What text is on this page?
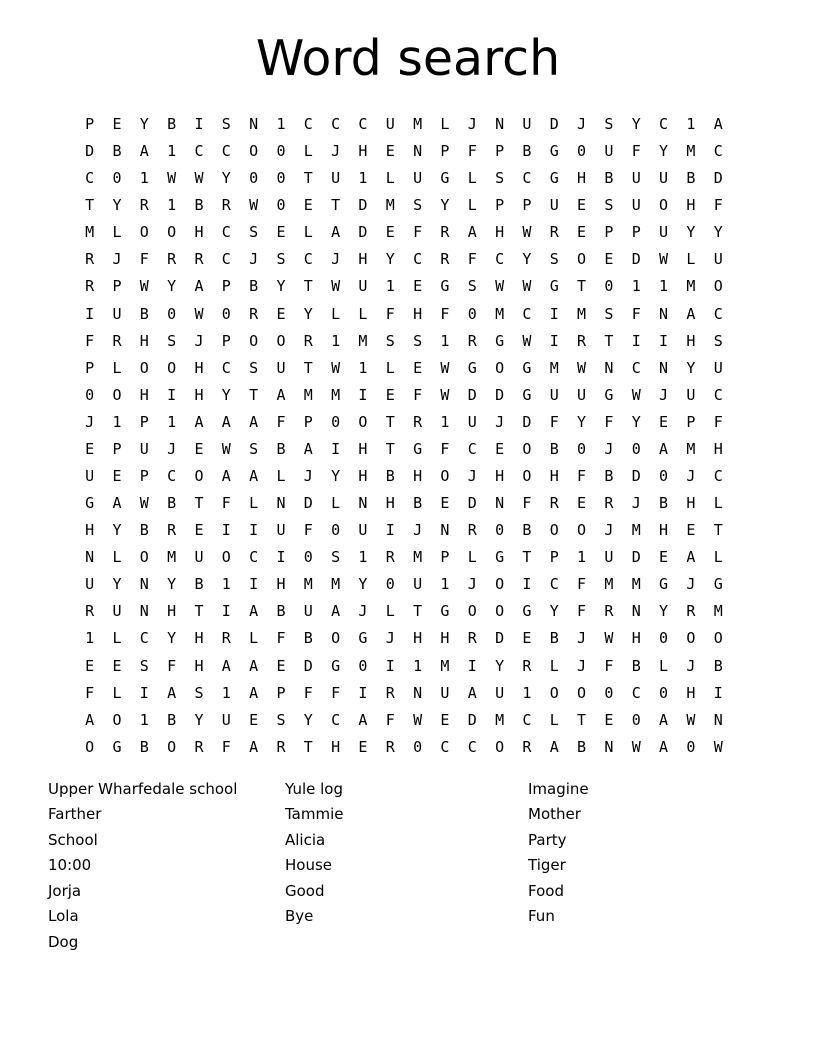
Word search
P	E	Y	B	I	S	N	1	C	C	C	U	M	L	J	N	U	D	J	S	Y	C	1	A
D	B	A	1	C	C	O	0	L	J	H	E	N	P	F	P	B	G	0	U	F	Y	M	C
C	0	1	W	W	Y	0	0	T	U	1	L	U	G	L	S	C	G	H	B	U	U	B	D
T	Y	R	1	B	R	W	0	E	T	D	M	S	Y	L	P	P	U	E	S	U	O	H	F
M	L	O	O	H	C	S	E	L	A	D	E	F	R	A	H	W	R	E	P	P	U	Y	Y
R	J	F	R	R	C	J	S	C	J	H	Y	C	R	F	C	Y	S	O	E	D	W	L	U
R	P	W	Y	A	P	B	Y	T	W	U	1	E	G	S	W	W	G	T	0	1	1	M	O
I	U	B	0	W	0	R	E	Y	L	L	F	H	F	0	M	C	I	M	S	F	N	A	C
F	R	H	S	J	P	O	O	R	1	M	S	S	1	R	G	W	I	R	T	I	I	H	S
P	L	O	O	H	C	S	U	T	W	1	L	E	W	G	O	G	M	W	N	C	N	Y	U
0	O	H	I	H	Y	T	A	M	M	I	E	F	W	D	D	G	U	U	G	W	J	U	C
J	1	P	1	A	A	A	F	P	0	O	T	R	1	U	J	D	F	Y	F	Y	E	P	F
E	P	U	J	E	W	S	B	A	I	H	T	G	F	C	E	O	B	0	J	0	A	M	H
U	E	P	C	O	A	A	L	J	Y	H	B	H	O	J	H	O	H	F	B	D	0	J	C
G	A	W	B	T	F	L	N	D	L	N	H	B	E	D	N	F	R	E	R	J	B	H	L
H	Y	B	R	E	I	I	U	F	0	U	I	J	N	R	0	B	O	O	J	M	H	E	T
N	L	O	M	U	O	C	I	0	S	1	R	M	P	L	G	T	P	1	U	D	E	A	L
U	Y	N	Y	B	1	I	H	M	M	Y	0	U	1	J	O	I	C	F	M	M	G	J	G
R	U	N	H	T	I	A	B	U	A	J	L	T	G	O	O	G	Y	F	R	N	Y	R	M
1	L	C	Y	H	R	L	F	B	O	G	J	H	H	R	D	E	B	J	W	H	0	O	O
E	E	S	F	H	A	A	E	D	G	0	I	1	M	I	Y	R	L	J	F	B	L	J	B
F	L	I	A	S	1	A	P	F	F	I	R	N	U	A	U	1	O	O	0	C	0	H	I
A	O	1	B	Y	U	E	S	Y	C	A	F	W	E	D	M	C	L	T	E	0	A	W	N
O	G	B	O	R	F	A	R	T	H	E	R	0	C	C	O	R	A	B	N	W	A	0	W
Upper Wharfedale school
Farther
School
10:00
Jorja
Lola
Dog
Yule log
Tammie
Alicia
House
Good
Bye
Imagine
Mother
Party
Tiger
Food
Fun
